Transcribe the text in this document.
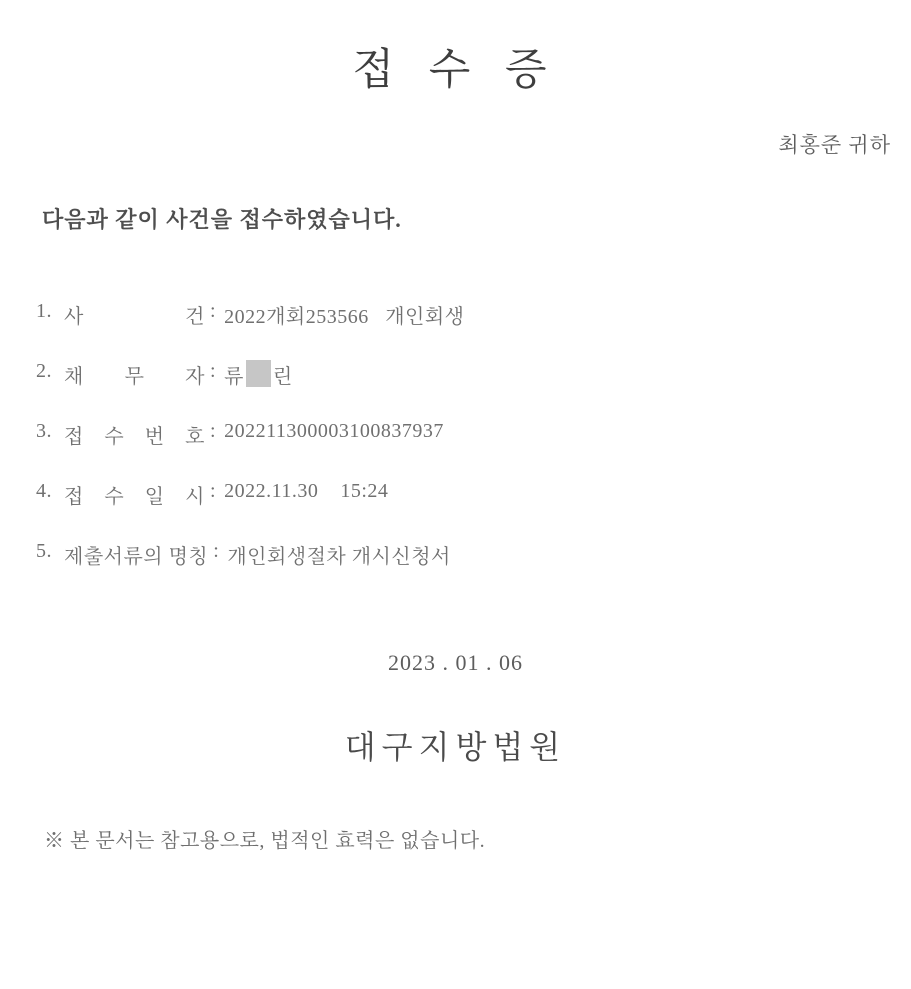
접 수 증
최홍준 귀하
다음과 같이 사건을 접수하였습니다.
1. 사 건 : 2022개회253566   개인회생
2. 채 무 자 : 류 린
3. 접 수 번 호 : 202211300003100837937
4. 접 수 일 시 : 2022.11.30    15:24
5. 제출서류의 명칭 : 개인회생절차 개시신청서
2023 . 01 . 06
대구지방법원
※ 본 문서는 참고용으로, 법적인 효력은 없습니다.
